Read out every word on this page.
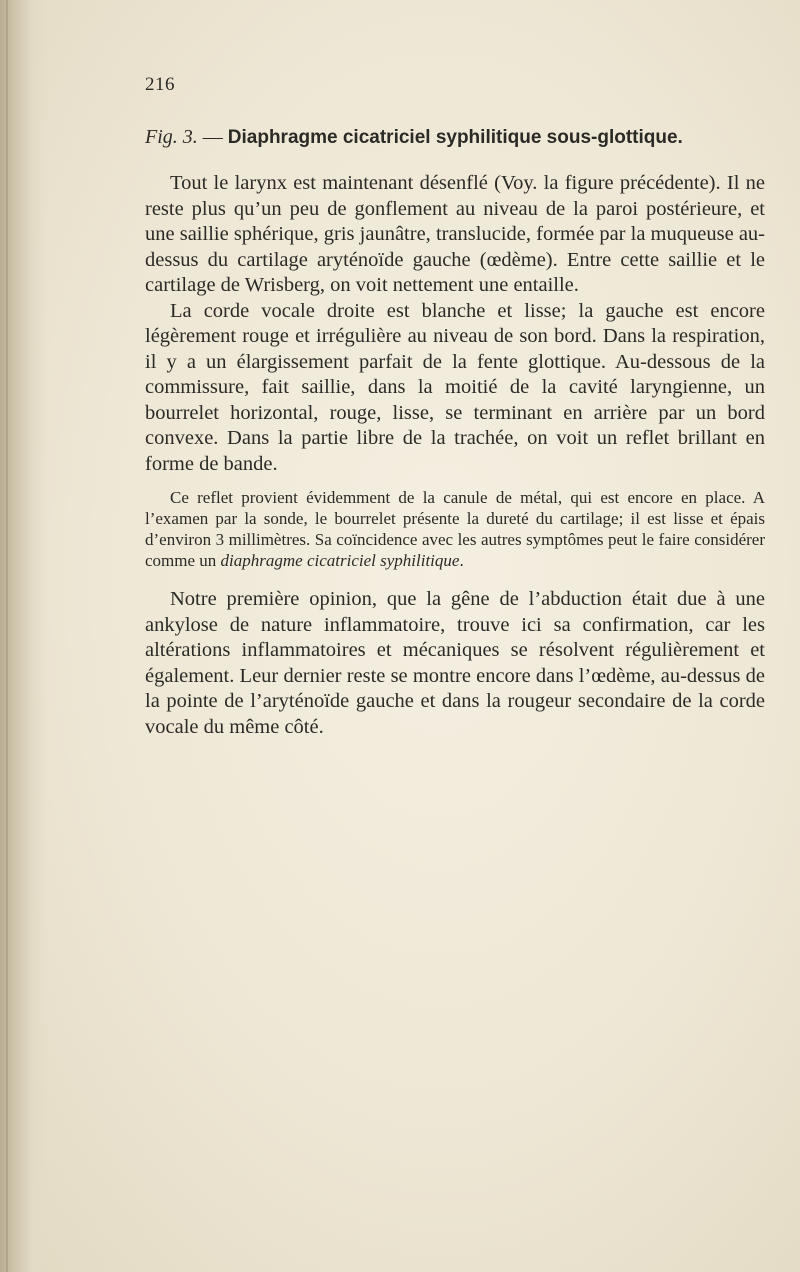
216
Fig. 3. — Diaphragme cicatriciel syphilitique sous-glottique.

Tout le larynx est maintenant désenflé (Voy. la figure précédente). Il ne reste plus qu’un peu de gonflement au niveau de la paroi postérieure, et une saillie sphérique, gris jaunâtre, translucide, formée par la muqueuse au-dessus du cartilage aryténoïde gauche (œdème). Entre cette saillie et le cartilage de Wrisberg, on voit nettement une entaille.

La corde vocale droite est blanche et lisse; la gauche est encore légèrement rouge et irrégulière au niveau de son bord. Dans la respiration, il y a un élargissement parfait de la fente glottique. Au-dessous de la commissure, fait saillie, dans la moitié de la cavité laryngienne, un bourrelet horizontal, rouge, lisse, se terminant en arrière par un bord convexe. Dans la partie libre de la trachée, on voit un reflet brillant en forme de bande.

Ce reflet provient évidemment de la canule de métal, qui est encore en place. A l’examen par la sonde, le bourrelet présente la dureté du cartilage; il est lisse et épais d’environ 3 millimètres. Sa coïncidence avec les autres symptômes peut le faire considérer comme un diaphragme cicatriciel syphilitique.

Notre première opinion, que la gêne de l’abduction était due à une ankylose de nature inflammatoire, trouve ici sa confirmation, car les altérations inflammatoires et mécaniques se résolvent régulièrement et également. Leur dernier reste se montre encore dans l’œdème, au-dessus de la pointe de l’aryténoïde gauche et dans la rougeur secondaire de la corde vocale du même côté.
